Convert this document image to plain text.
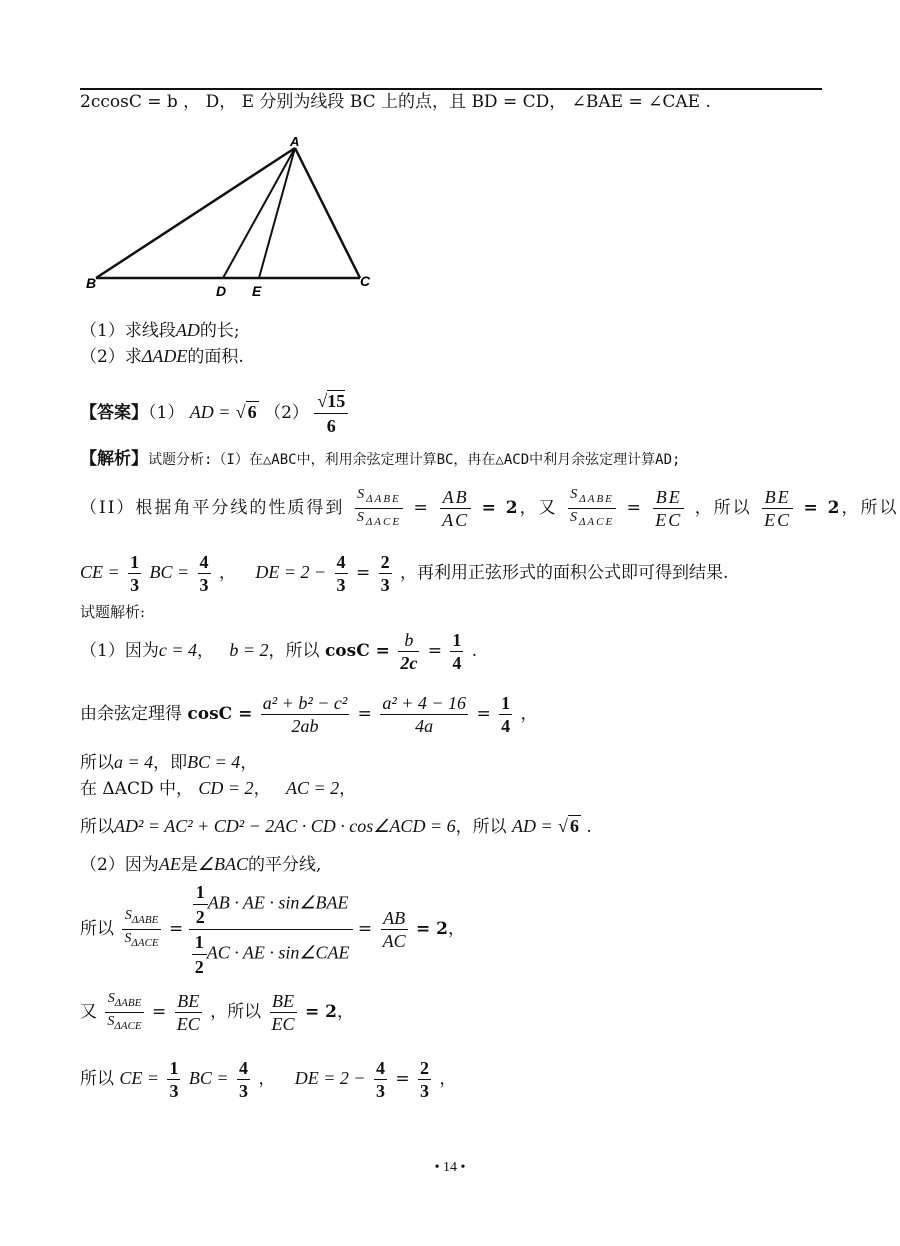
2ccosC = b ， D， E 分别为线段 BC 上的点，且 BD = CD， ∠BAE = ∠CAE .
A
B	C
D E
（1）求线段AD的长;
（2）求ΔADE的面积.
【答案】（1） AD = √ 6 $(2) \frac{√15}{6}$
【解析】试题分析:（I）在△ABC中，利用余弦定理计算BC，冉在△ACD中利月余弦定理计算AD;
（II）根据角平分线的性质得到 $\frac{S_{\Delta ABE}}{S_{\Delta ACE}} = \frac{AB}{AC} = 2$，又 $\frac{S_{\Delta ABE}}{S_{\Delta ACE}} = \frac{BE}{EC}$ ，所以 $\frac{BE}{EC} = 2$，所以
CE = $\frac{1}{3}$ BC = $\frac{4}{3}$ ， DE = $2 - \frac{4}{3} = \frac{2}{3}$ ，再利用正弦形式的面积公式即可得到结果.
试题解析:
（1）因为c = 4， b = 2，所以 $\cos C = \frac{b}{2c} = \frac{1}{4}$ .
由余弦定理得 $\cos C = \frac{\text{a² + b² − c²}}{2ab} = \frac{\text{a² + 4 − 16}}{4a} = \frac{1}{4}$ ，
所以a = 4，即BC = 4，
在 ΔACD 中， CD = 2， AC = 2，
所以AD² = AC² + CD² − 2AC · CD · cos∠ACD = 6，所以 AD = √ 6 .
（2）因为AE是∠BAC的平分线,
所以 $\frac{S_{\Delta ABE}}{S_{\Delta ACE}} = \frac{\frac{1}{2} AB \cdot AE \cdot \sin\angle BAE}{\frac{1}{2} AC \cdot AE \cdot \sin\angle CAE} = \frac{AB}{AC} = 2$，
又 $\frac{S_{\Delta ABE}}{S_{\Delta ACE}} = \frac{BE}{EC}$ ，所以 $\frac{BE}{EC} = 2$，
所以 CE = $\frac{1}{3}$ BC = $\frac{4}{3}$ ， DE = $2 - \frac{4}{3} = \frac{2}{3}$ ，
• 14 •
